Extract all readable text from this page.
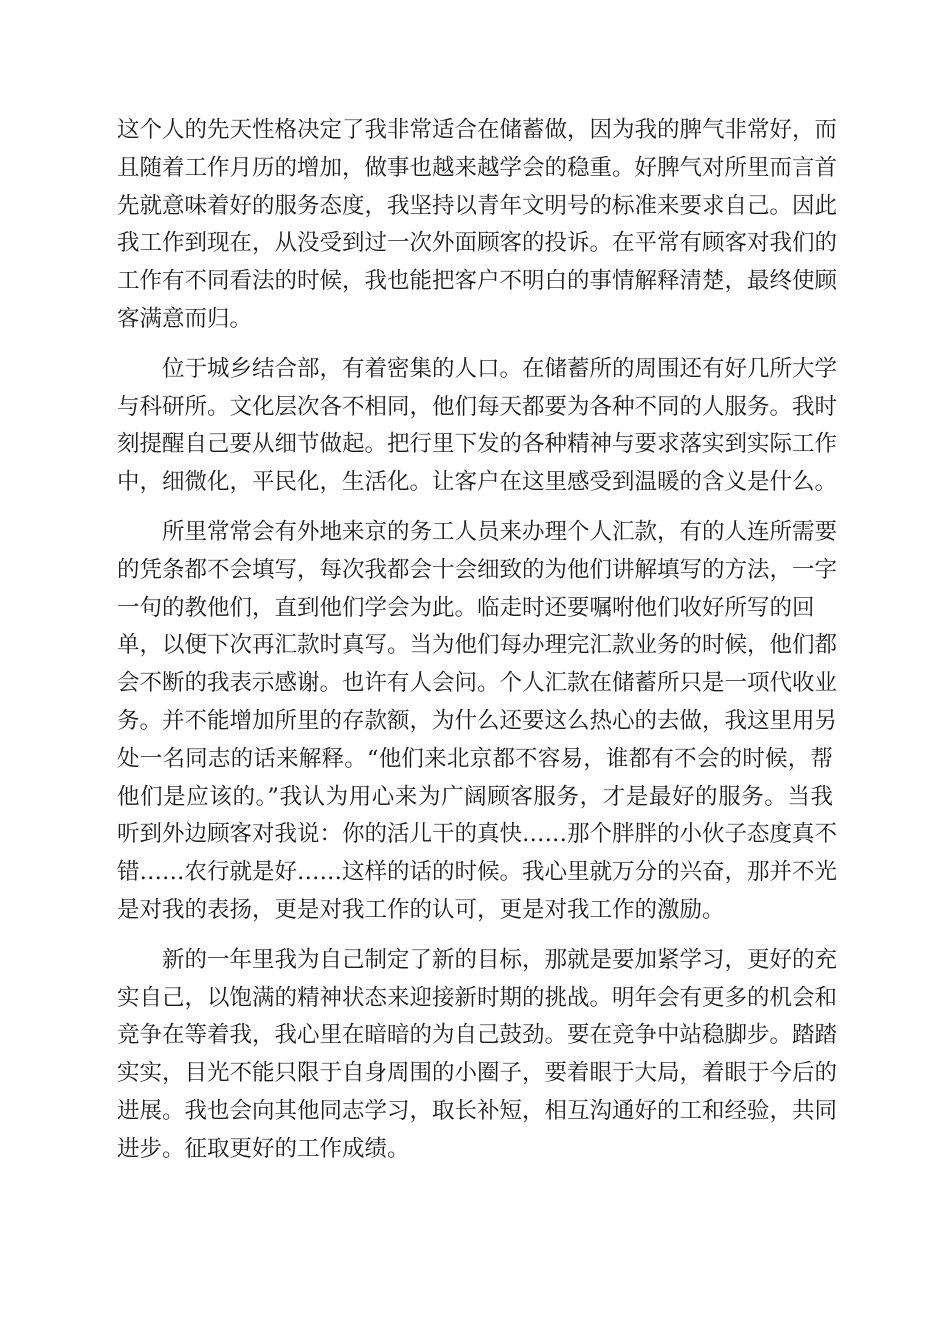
这个人的先天性格决定了我非常适合在储蓄做，因为我的脾气非常好，而
且随着工作月历的增加，做事也越来越学会的稳重。好脾气对所里而言首
先就意味着好的服务态度，我坚持以青年文明号的标准来要求自己。因此
我工作到现在，从没受到过一次外面顾客的投诉。在平常有顾客对我们的
工作有不同看法的时候，我也能把客户不明白的事情解释清楚，最终使顾
客满意而归。
　　位于城乡结合部，有着密集的人口。在储蓄所的周围还有好几所大学
与科研所。文化层次各不相同，他们每天都要为各种不同的人服务。我时
刻提醒自己要从细节做起。把行里下发的各种精神与要求落实到实际工作
中，细微化，平民化，生活化。让客户在这里感受到温暖的含义是什么。
　　所里常常会有外地来京的务工人员来办理个人汇款，有的人连所需要
的凭条都不会填写，每次我都会十会细致的为他们讲解填写的方法，一字
一句的教他们，直到他们学会为此。临走时还要嘱咐他们收好所写的回
单，以便下次再汇款时真写。当为他们每办理完汇款业务的时候，他们都
会不断的我表示感谢。也许有人会问。个人汇款在储蓄所只是一项代收业
务。并不能增加所里的存款额，为什么还要这么热心的去做，我这里用另
处一名同志的话来解释。“他们来北京都不容易，谁都有不会的时候，帮
他们是应该的。”我认为用心来为广阔顾客服务，才是最好的服务。当我
听到外边顾客对我说：你的活儿干的真快……那个胖胖的小伙子态度真不
错……农行就是好……这样的话的时候。我心里就万分的兴奋，那并不光
是对我的表扬，更是对我工作的认可，更是对我工作的激励。
　　新的一年里我为自己制定了新的目标，那就是要加紧学习，更好的充
实自己，以饱满的精神状态来迎接新时期的挑战。明年会有更多的机会和
竞争在等着我，我心里在暗暗的为自己鼓劲。要在竞争中站稳脚步。踏踏
实实，目光不能只限于自身周围的小圈子，要着眼于大局，着眼于今后的
进展。我也会向其他同志学习，取长补短，相互沟通好的工和经验，共同
进步。征取更好的工作成绩。
